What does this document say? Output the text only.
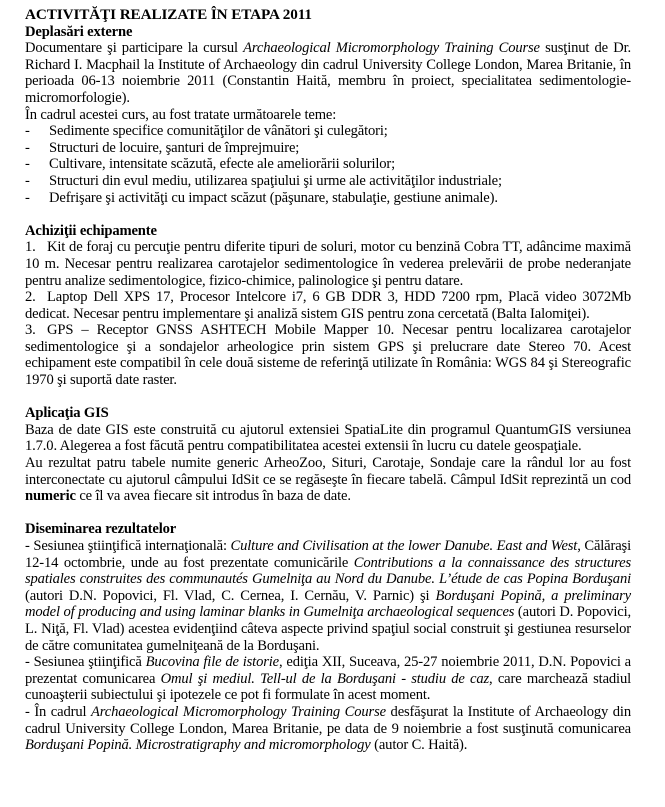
ACTIVITĂŢI REALIZATE ÎN ETAPA 2011
Deplasări externe

Documentare şi participare la cursul Archaeological Micromorphology Training Course susţinut de Dr. Richard I. Macphail la Institute of Archaeology din cadrul University College London, Marea Britanie, în perioada 06-13 noiembrie 2011 (Constantin Haită, membru în proiect, specialitatea sedimentologie-micromorfologie).

În cadrul acestei curs, au fost tratate următoarele teme:
-	Sedimente specifice comunităţilor de vânători şi culegători;
-	Structuri de locuire, şanturi de împrejmuire;
-	Cultivare, intensitate scăzută, efecte ale ameliorării solurilor;
-	Structuri din evul mediu, utilizarea spaţiului şi urme ale activităţilor industriale;
-	Defrişare şi activităţi cu impact scăzut (păşunare, stabulaţie, gestiune animale).
Achiziţii echipamente
1. Kit de foraj cu percuţie pentru diferite tipuri de soluri, motor cu benzină Cobra TT, adâncime maximă 10 m. Necesar pentru realizarea carotajelor sedimentologice în vederea prelevării de probe nederanjate pentru analize sedimentologice, fizico-chimice, palinologice şi pentru datare.
2. Laptop Dell XPS 17, Procesor Intelcore i7, 6 GB DDR 3, HDD 7200 rpm, Placă video 3072Mb dedicat. Necesar pentru implementare şi analiză sistem GIS pentru zona cercetată (Balta Ialomiţei).
3. GPS – Receptor GNSS ASHTECH Mobile Mapper 10. Necesar pentru localizarea carotajelor sedimentologice şi a sondajelor arheologice prin sistem GPS şi prelucrare date Stereo 70. Acest echipament este compatibil în cele două sisteme de referinţă utilizate în România: WGS 84 şi Stereografic 1970 şi suportă date raster.
Aplicaţia GIS

Baza de date GIS este construită cu ajutorul extensiei SpatiaLite din programul QuantumGIS versiunea 1.7.0. Alegerea a fost făcută pentru compatibilitatea acestei extensii în lucru cu datele geospaţiale.

Au rezultat patru tabele numite generic ArheoZoo, Situri, Carotaje, Sondaje care la rândul lor au fost interconectate cu ajutorul câmpului IdSit ce se regăseşte în fiecare tabelă. Câmpul IdSit reprezintă un cod numeric ce îl va avea fiecare sit introdus în baza de date.

Diseminarea rezultatelor

- Sesiunea ştiinţifică internaţională: Culture and Civilisation at the lower Danube. East and West, Călăraşi 12-14 octombrie, unde au fost prezentate comunicările Contributions a la connaissance des structures spatiales construites des communautés Gumelniţa au Nord du Danube. L’étude de cas Popina Borduşani (autori D.N. Popovici, Fl. Vlad, C. Cernea, I. Cernău, V. Parnic) şi Borduşani Popină, a preliminary model of producing and using laminar blanks in Gumelniţa archaeological sequences (autori D. Popovici, L. Niţă, Fl. Vlad) acestea evidenţiind câteva aspecte privind spaţiul social construit şi gestiunea resurselor de către comunitatea gumelniţeană de la Borduşani.

- Sesiunea ştiinţifică Bucovina file de istorie, ediţia XII, Suceava, 25-27 noiembrie 2011, D.N. Popovici a prezentat comunicarea Omul şi mediul. Tell-ul de la Borduşani - studiu de caz, care marchează stadiul cunoaşterii subiectului şi ipotezele ce pot fi formulate în acest moment.

- În cadrul Archaeological Micromorphology Training Course desfăşurat la Institute of Archaeology din cadrul University College London, Marea Britanie, pe data de 9 noiembrie a fost susţinută comunicarea Borduşani Popină. Microstratigraphy and micromorphology (autor C. Haită).
